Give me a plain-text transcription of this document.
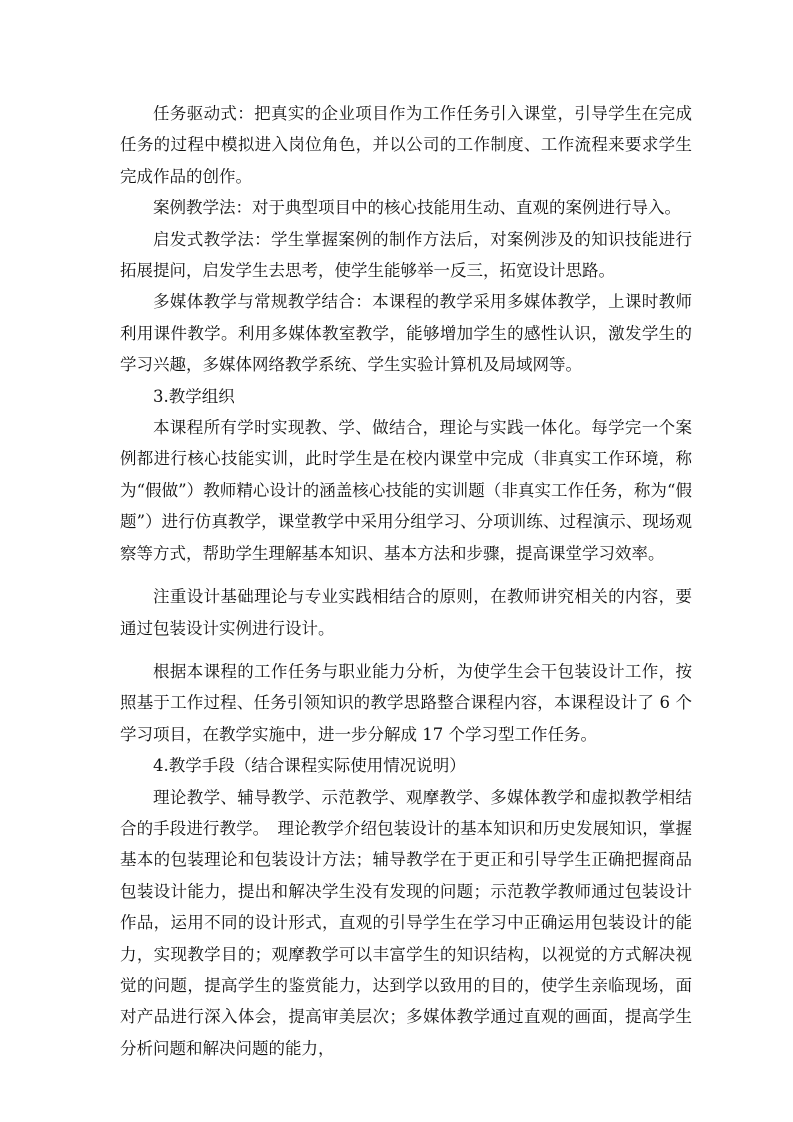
任务驱动式：把真实的企业项目作为工作任务引入课堂，引导学生在完成任务的过程中模拟进入岗位角色，并以公司的工作制度、工作流程来要求学生完成作品的创作。

案例教学法：对于典型项目中的核心技能用生动、直观的案例进行导入。

启发式教学法：学生掌握案例的制作方法后，对案例涉及的知识技能进行拓展提问，启发学生去思考，使学生能够举一反三，拓宽设计思路。

多媒体教学与常规教学结合：本课程的教学采用多媒体教学，上课时教师利用课件教学。利用多媒体教室教学，能够增加学生的感性认识，激发学生的学习兴趣，多媒体网络教学系统、学生实验计算机及局域网等。

3.教学组织

本课程所有学时实现教、学、做结合，理论与实践一体化。每学完一个案例都进行核心技能实训，此时学生是在校内课堂中完成（非真实工作环境，称为“假做”）教师精心设计的涵盖核心技能的实训题（非真实工作任务，称为“假题”）进行仿真教学，课堂教学中采用分组学习、分项训练、过程演示、现场观察等方式，帮助学生理解基本知识、基本方法和步骤，提高课堂学习效率。

注重设计基础理论与专业实践相结合的原则，在教师讲究相关的内容，要通过包装设计实例进行设计。

根据本课程的工作任务与职业能力分析，为使学生会干包装设计工作，按照基于工作过程、任务引领知识的教学思路整合课程内容，本课程设计了 6 个学习项目，在教学实施中，进一步分解成 17 个学习型工作任务。

4.教学手段（结合课程实际使用情况说明）

理论教学、辅导教学、示范教学、观摩教学、多媒体教学和虚拟教学相结合的手段进行教学。　理论教学介绍包装设计的基本知识和历史发展知识，掌握基本的包装理论和包装设计方法；辅导教学在于更正和引导学生正确把握商品包装设计能力，提出和解决学生没有发现的问题；示范教学教师通过包装设计作品，运用不同的设计形式，直观的引导学生在学习中正确运用包装设计的能力，实现教学目的；观摩教学可以丰富学生的知识结构，以视觉的方式解决视觉的问题，提高学生的鉴赏能力，达到学以致用的目的，使学生亲临现场，面对产品进行深入体会，提高审美层次；多媒体教学通过直观的画面，提高学生分析问题和解决问题的能力，
